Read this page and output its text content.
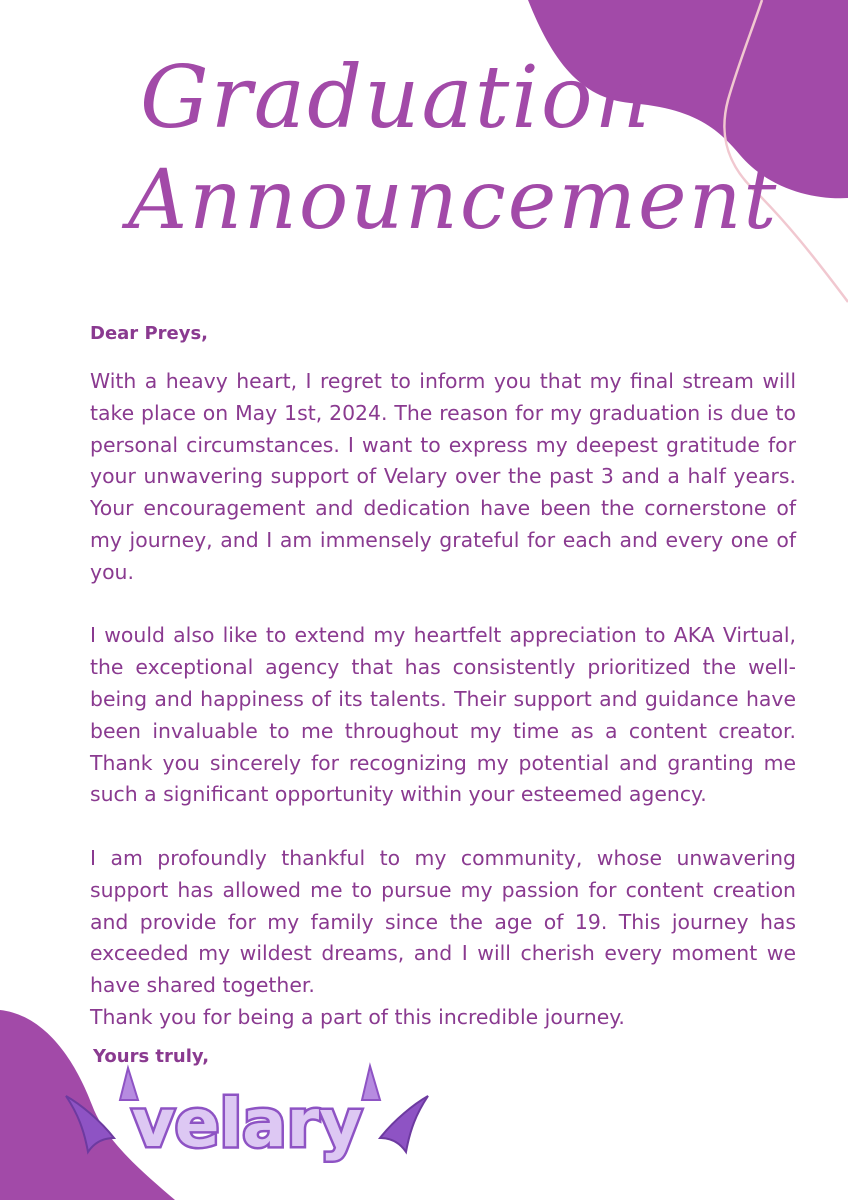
Graduation
Announcement
Dear Preys,

With a heavy heart, I regret to inform you that my final stream will take place on May 1st, 2024. The reason for my graduation is due to personal circumstances. I want to express my deepest gratitude for your unwavering support of Velary over the past 3 and a half years. Your encouragement and dedication have been the cornerstone of my journey, and I am immensely grateful for each and every one of you.

I would also like to extend my heartfelt appreciation to AKA Virtual, the exceptional agency that has consistently prioritized the well-being and happiness of its talents. Their support and guidance have been invaluable to me throughout my time as a content creator. Thank you sincerely for recognizing my potential and granting me such a significant opportunity within your esteemed agency.

I am profoundly thankful to my community, whose unwavering support has allowed me to pursue my passion for content creation and provide for my family since the age of 19. This journey has exceeded my wildest dreams, and I will cherish every moment we have shared together.

Thank you for being a part of this incredible journey.

Yours truly,
velary
